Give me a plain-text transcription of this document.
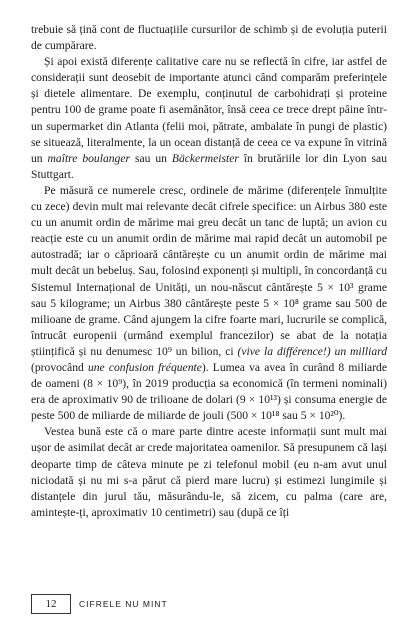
trebuie să țină cont de fluctuațiile cursurilor de schimb și de evoluția puterii de cumpărare.

Și apoi există diferențe calitative care nu se reflectă în cifre, iar astfel de considerații sunt deosebit de importante atunci când comparăm preferințele și dietele alimentare. De exemplu, conținutul de carbohidrați și proteine pentru 100 de grame poate fi asemănător, însă ceea ce trece drept pâine într-un supermarket din Atlanta (felii moi, pătrate, ambalate în pungi de plastic) se situează, literalmente, la un ocean distanță de ceea ce va expune în vitrină un maître boulanger sau un Bäckermeister în brutăriile lor din Lyon sau Stuttgart.

Pe măsură ce numerele cresc, ordinele de mărime (diferențele înmulțite cu zece) devin mult mai relevante decât cifrele specifice: un Airbus 380 este cu un anumit ordin de mărime mai greu decât un tanc de luptă; un avion cu reacție este cu un anumit ordin de mărime mai rapid decât un automobil pe autostradă; iar o căprioară cântărește cu un anumit ordin de mărime mai mult decât un bebeluș. Sau, folosind exponenți și multipli, în concordanță cu Sistemul Internațional de Unități, un nou-născut cântărește 5 × 10³ grame sau 5 kilograme; un Airbus 380 cântărește peste 5 × 10⁸ grame sau 500 de milioane de grame. Când ajungem la cifre foarte mari, lucrurile se complică, întrucât europenii (urmând exemplul francezilor) se abat de la notația științifică și nu denumesc 10⁹ un bilion, ci (vive la différence!) un milliard (provocând une confusion fréquente). Lumea va avea în curând 8 miliarde de oameni (8 × 10⁹), în 2019 producția sa economică (în termeni nominali) era de aproximativ 90 de trilioane de dolari (9 × 10¹³) și consuma energie de peste 500 de miliarde de miliarde de jouli (500 × 10¹⁸ sau 5 × 10²⁰).

Vestea bună este că o mare parte dintre aceste informații sunt mult mai ușor de asimilat decât ar crede majoritatea oamenilor. Să presupunem că lași deoparte timp de câteva minute pe zi telefonul mobil (eu n-am avut unul niciodată și nu mi s-a părut că pierd mare lucru) și estimezi lungimile și distanțele din jurul tău, măsurându-le, să zicem, cu palma (care are, amintește-ți, aproximativ 10 centimetri) sau (după ce îți

12	CIFRELE NU MINT
